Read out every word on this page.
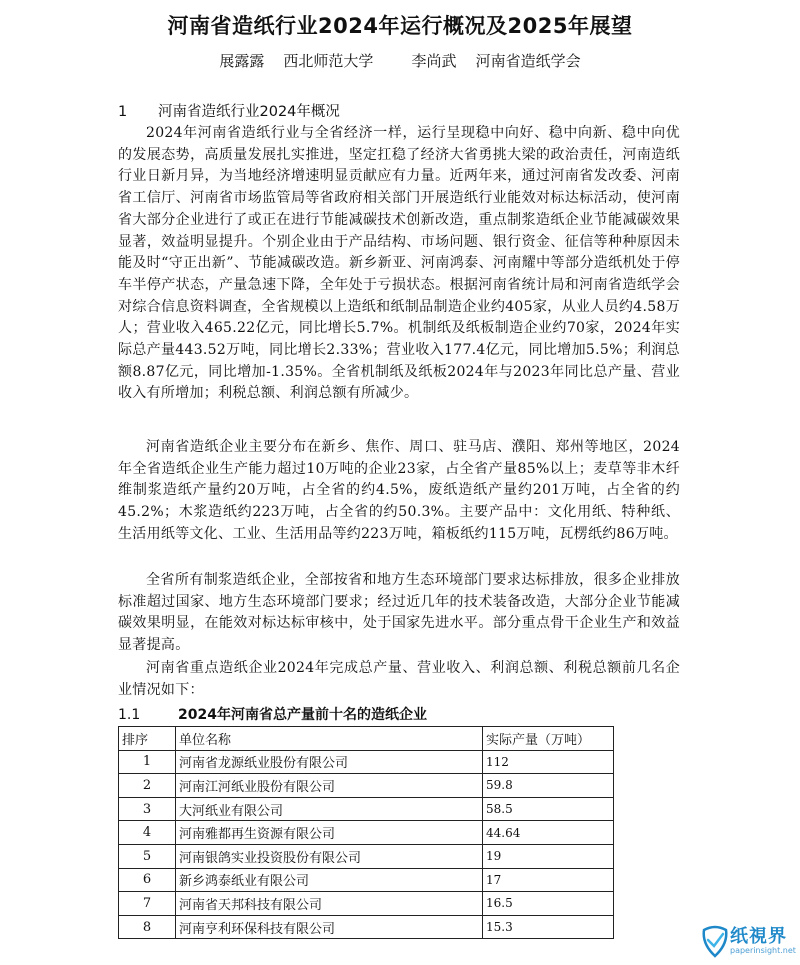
河南省造纸行业2024年运行概况及2025年展望
展露露    西北师范大学        李尚武    河南省造纸学会
1 河南省造纸行业2024年概况

2024年河南省造纸行业与全省经济一样，运行呈现稳中向好、稳中向新、稳中向优的发展态势，高质量发展扎实推进，坚定扛稳了经济大省勇挑大梁的政治责任，河南造纸行业日新月异，为当地经济增速明显贡献应有力量。近两年来，通过河南省发改委、河南省工信厅、河南省市场监管局等省政府相关部门开展造纸行业能效对标达标活动，使河南省大部分企业进行了或正在进行节能减碳技术创新改造，重点制浆造纸企业节能减碳效果显著，效益明显提升。个别企业由于产品结构、市场问题、银行资金、征信等种种原因未能及时“守正出新”、节能减碳改造。新乡新亚、河南鸿泰、河南耀中等部分造纸机处于停车半停产状态，产量急速下降，全年处于亏损状态。根据河南省统计局和河南省造纸学会对综合信息资料调查，全省规模以上造纸和纸制品制造企业约405家，从业人员约4.58万人；营业收入465.22亿元，同比增长5.7%。机制纸及纸板制造企业约70家，2024年实际总产量443.52万吨，同比增长2.33%；营业收入177.4亿元，同比增加5.5%；利润总额8.87亿元，同比增加-1.35%。全省机制纸及纸板2024年与2023年同比总产量、营业收入有所增加；利税总额、利润总额有所减少。

河南省造纸企业主要分布在新乡、焦作、周口、驻马店、濮阳、郑州等地区，2024年全省造纸企业生产能力超过10万吨的企业23家，占全省产量85%以上；麦草等非木纤维制浆造纸产量约20万吨，占全省的约4.5%，废纸造纸产量约201万吨，占全省的约45.2%；木浆造纸约223万吨，占全省的约50.3%。主要产品中：文化用纸、特种纸、生活用纸等文化、工业、生活用品等约223万吨，箱板纸约115万吨，瓦楞纸约86万吨。

全省所有制浆造纸企业，全部按省和地方生态环境部门要求达标排放，很多企业排放标准超过国家、地方生态环境部门要求；经过近几年的技术装备改造，大部分企业节能减碳效果明显，在能效对标达标审核中，处于国家先进水平。部分重点骨干企业生产和效益显著提高。

河南省重点造纸企业2024年完成总产量、营业收入、利润总额、利税总额前几名企业情况如下：

1.1	2024年河南省总产量前十名的造纸企业
排序	单位名称	实际产量（万吨）
1	河南省龙源纸业股份有限公司	112
2	河南江河纸业股份有限公司	59.8
3	大河纸业有限公司	58.5
4	河南雅都再生资源有限公司	44.64
5	河南银鸽实业投资股份有限公司	19
6	新乡鸿泰纸业有限公司	17
7	河南省天邦科技有限公司	16.5
8	河南亨利环保科技有限公司	15.3	纸視界
paperinsight.net
